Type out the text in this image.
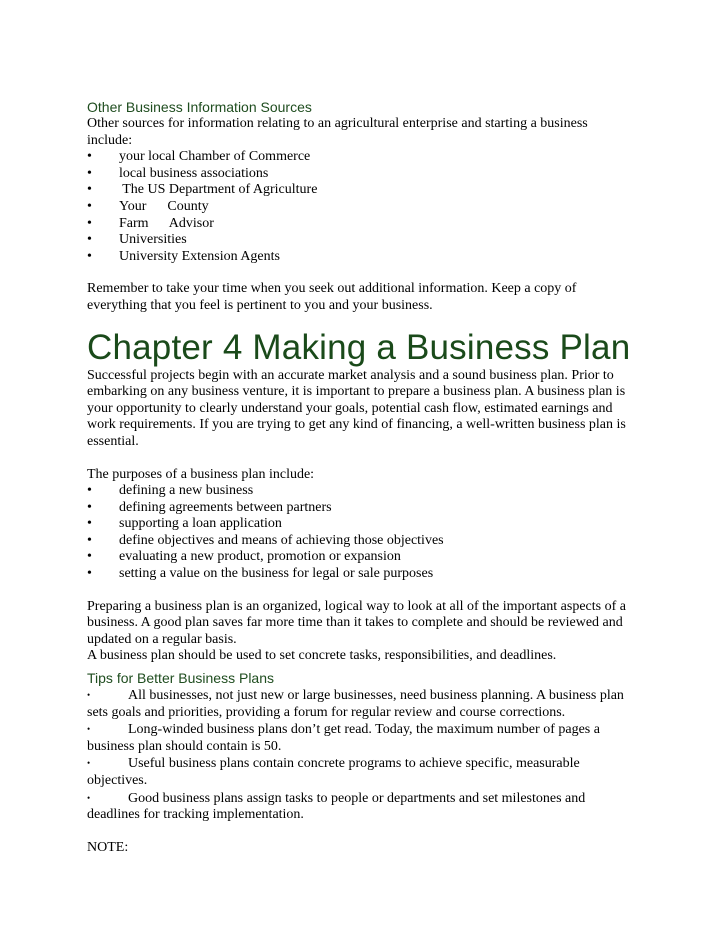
Other Business Information Sources

Other sources for information relating to an agricultural enterprise and starting a business

include:

•	your local Chamber of Commerce
•	local business associations
•	The US Department of Agriculture
•	Your      County
•	Farm      Advisor
•	Universities
•	University Extension Agents

Remember to take your time when you seek out additional information. Keep a copy of

everything that you feel is pertinent to you and your business.

Chapter 4 Making a Business Plan

Successful projects begin with an accurate market analysis and a sound business plan. Prior to

embarking on any business venture, it is important to prepare a business plan. A business plan is

your opportunity to clearly understand your goals, potential cash flow, estimated earnings and

work requirements. If you are trying to get any kind of financing, a well-written business plan is

essential.

The purposes of a business plan include:

•	defining a new business
•	defining agreements between partners
•	supporting a loan application
•	define objectives and means of achieving those objectives
•	evaluating a new product, promotion or expansion
•	setting a value on the business for legal or sale purposes

Preparing a business plan is an organized, logical way to look at all of the important aspects of a

business. A good plan saves far more time than it takes to complete and should be reviewed and

updated on a regular basis.

A business plan should be used to set concrete tasks, responsibilities, and deadlines.

Tips for Better Business Plans
•	All businesses, not just new or large businesses, need business planning. A business plan
sets goals and priorities, providing a forum for regular review and course corrections.
•	Long-winded business plans don’t get read. Today, the maximum number of pages a
business plan should contain is 50.
•	Useful business plans contain concrete programs to achieve specific, measurable
objectives.
•	Good business plans assign tasks to people or departments and set milestones and
deadlines for tracking implementation.

NOTE:
